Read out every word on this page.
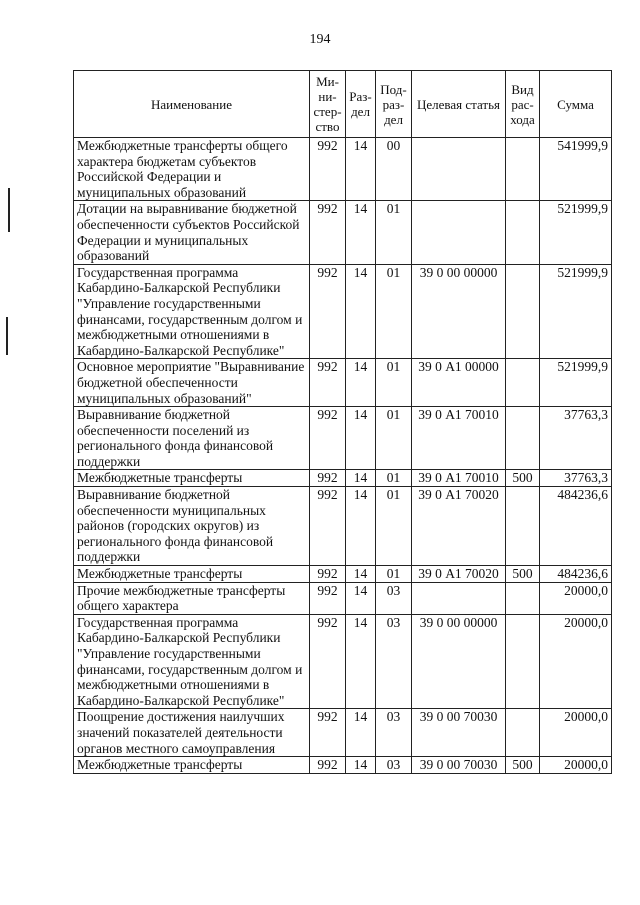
194
Наименование	Ми-ни-стер-ство	Раз-дел	Под-раз-дел	Целевая статья	Вид рас-хода	Сумма
Межбюджетные трансферты общего характера бюджетам субъектов Российской Федерации и муниципальных образований	992	14	00			541999,9
Дотации на выравнивание бюджетной обеспеченности субъектов Российской Федерации и муниципальных образований	992	14	01			521999,9
Государственная программа Кабардино-Балкарской Республики "Управление государственными финансами, государственным долгом и межбюджетными отношениями в Кабардино-Балкарской Республике"	992	14	01	39 0 00 00000		521999,9
Основное мероприятие "Выравнивание бюджетной обеспеченности муниципальных образований"	992	14	01	39 0 А1 00000		521999,9
Выравнивание бюджетной обеспеченности поселений из регионального фонда финансовой поддержки	992	14	01	39 0 А1 70010		37763,3
Межбюджетные трансферты	992	14	01	39 0 А1 70010	500	37763,3
Выравнивание бюджетной обеспеченности муниципальных районов (городских округов) из регионального фонда финансовой поддержки	992	14	01	39 0 А1 70020		484236,6
Межбюджетные трансферты	992	14	01	39 0 А1 70020	500	484236,6
Прочие межбюджетные трансферты общего характера	992	14	03			20000,0
Государственная программа Кабардино-Балкарской Республики "Управление государственными финансами, государственным долгом и межбюджетными отношениями в Кабардино-Балкарской Республике"	992	14	03	39 0 00 00000		20000,0
Поощрение достижения наилучших значений показателей деятельности органов местного самоуправления	992	14	03	39 0 00 70030		20000,0
Межбюджетные трансферты	992	14	03	39 0 00 70030	500	20000,0
